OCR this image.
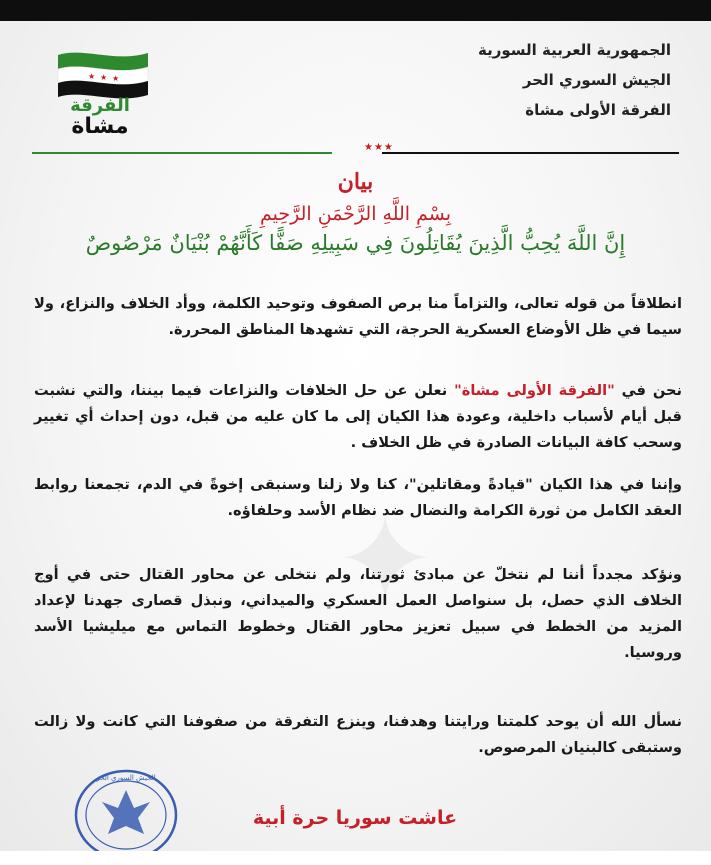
✦
★ ★ ★
الفرقة
مشاة
الجمهورية العربية السورية
الجيش السوري الحر
الفرقة الأولى مشاة
★★★
بيان
بِسْمِ اللَّهِ الرَّحْمَنِ الرَّحِيمِ
إِنَّ اللَّهَ يُحِبُّ الَّذِينَ يُقَاتِلُونَ فِي سَبِيلِهِ صَفًّا كَأَنَّهُمْ بُنْيَانٌ مَرْصُوصٌ
انطلاقاً من قوله تعالى، والتزاماً منا برص الصفوف وتوحيد الكلمة، ووأد الخلاف والنزاع، ولا سيما في ظل الأوضاع العسكرية الحرجة، التي تشهدها المناطق المحررة.
نحن في "الفرقة الأولى مشاة" نعلن عن حل الخلافات والنزاعات فيما بيننا، والتي نشبت قبل أيام لأسباب داخلية، وعودة هذا الكيان إلى ما كان عليه من قبل، دون إحداث أي تغيير وسحب كافة البيانات الصادرة في ظل الخلاف .
وإننا في هذا الكيان "قيادةً ومقاتلين"، كنا ولا زلنا وسنبقى إخوةً في الدم، تجمعنا روابط العقد الكامل من ثورة الكرامة والنضال ضد نظام الأسد وحلفاؤه.
ونؤكد مجدداً أننا لم نتخلّ عن مبادئ ثورتنا، ولم نتخلى عن محاور القتال حتى في أوج الخلاف الذي حصل، بل سنواصل العمل العسكري والميداني، ونبذل قصارى جهدنا لإعداد المزيد من الخطط في سبيل تعزيز محاور القتال وخطوط التماس مع ميليشيا الأسد وروسيا.
نسأل الله أن يوحد كلمتنا ورايتنا وهدفنا، وينزع التفرقة من صفوفنا التي كانت ولا زالت وستبقى كالبنيان المرصوص.
الجيش السوري الحر
عاشت سوريا حرة أبية
